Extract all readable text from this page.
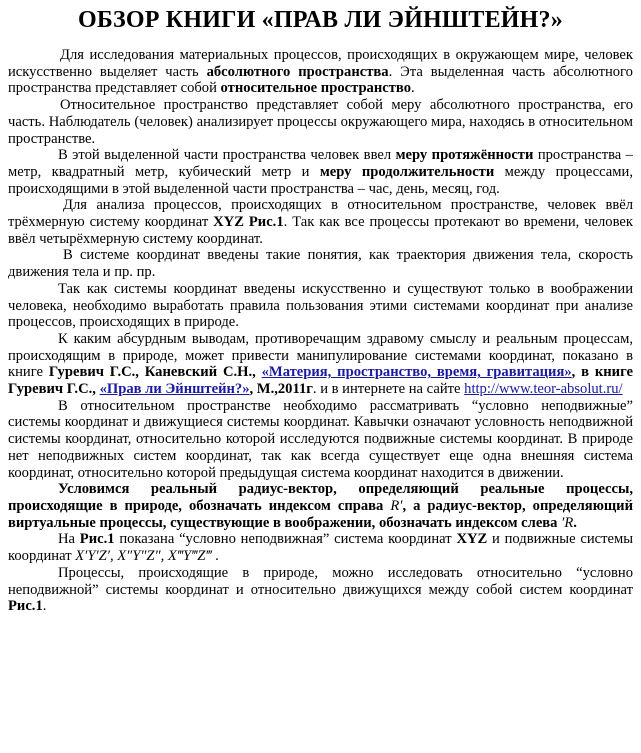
ОБЗОР КНИГИ «ПРАВ ЛИ ЭЙНШТЕЙН?»

Для исследования материальных процессов, происходящих в окружающем мире, человек искусственно выделяет часть абсолютного пространства. Эта выделенная часть абсолютного пространства представляет собой относительное пространство.

Относительное пространство представляет собой меру абсолютного пространства, его часть. Наблюдатель (человек) анализирует процессы окружающего мира, находясь в относительном пространстве.

В этой выделенной части пространства человек ввел меру протяжённости пространства – метр, квадратный метр, кубический метр и меру продолжительности между процессами, происходящими в этой выделенной части пространства – час, день, месяц, год.

Для анализа процессов, происходящих в относительном пространстве, человек ввёл трёхмерную систему координат XYZ Рис.1. Так как все процессы протекают во времени, человек ввёл четырёхмерную систему координат.

В системе координат введены такие понятия, как траектория движения тела, скорость движения тела и пр. пр.

Так как системы координат введены искусственно и существуют только в воображении человека, необходимо выработать правила пользования этими системами координат при анализе процессов, происходящих в природе.

К каким абсурдным выводам, противоречащим здравому смыслу и реальным процессам, происходящим в природе, может привести манипулирование системами координат, показано в книге Гуревич Г.С., Каневский С.Н., «Материя, пространство, время, гравитация», в книге Гуревич Г.С., «Прав ли Эйнштейн?», М.,2011г. и в интернете на сайте http://www.teor-absolut.ru/

В относительном пространстве необходимо рассматривать “условно неподвижные” системы координат и движущиеся системы координат. Кавычки означают условность неподвижной системы координат, относительно которой исследуются подвижные системы координат. В природе нет неподвижных систем координат, так как всегда существует еще одна внешняя система координат, относительно которой предыдущая система координат находится в движении.

Условимся реальный радиус-вектор, определяющий реальные процессы, происходящие в природе, обозначать индексом справа R′, а радиус-вектор, определяющий виртуальные процессы, существующие в воображении, обозначать индексом слева ′R.

На Рис.1 показана “условно неподвижная” система координат XYZ и подвижные системы координат X′Y′Z′, X″Y″Z″, X‴Y‴Z‴ .

Процессы, происходящие в природе, можно исследовать относительно “условно неподвижной” системы координат и относительно движущихся между собой систем координат Рис.1.
